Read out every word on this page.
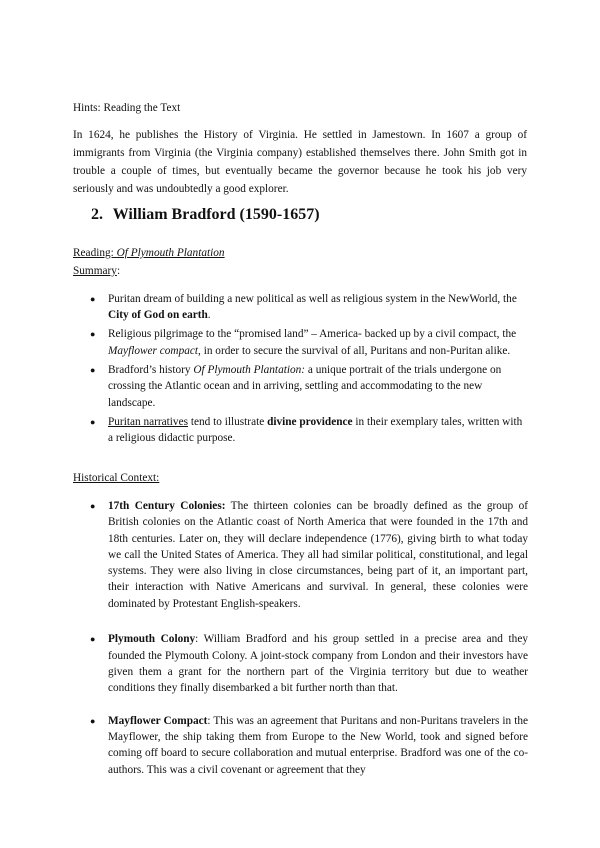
Hints: Reading the Text
In 1624, he publishes the History of Virginia. He settled in Jamestown. In 1607 a group of immigrants from Virginia (the Virginia company) established themselves there. John Smith got in trouble a couple of times, but eventually became the governor because he took his job very seriously and was undoubtedly a good explorer.
2. William Bradford (1590-1657)
Reading: Of Plymouth Plantation
Summary:
● Puritan dream of building a new political as well as religious system in the NewWorld, the City of God on earth.
● Religious pilgrimage to the “promised land” – America- backed up by a civil compact, the Mayflower compact, in order to secure the survival of all, Puritans and non-Puritan alike.
● Bradford’s history Of Plymouth Plantation: a unique portrait of the trials undergone on crossing the Atlantic ocean and in arriving, settling and accommodating to the new landscape.
● Puritan narratives tend to illustrate divine providence in their exemplary tales, written with a religious didactic purpose.
Historical Context:
● 17th Century Colonies: The thirteen colonies can be broadly defined as the group of British colonies on the Atlantic coast of North America that were founded in the 17th and 18th centuries. Later on, they will declare independence (1776), giving birth to what today we call the United States of America. They all had similar political, constitutional, and legal systems. They were also living in close circumstances, being part of it, an important part, their interaction with Native Americans and survival. In general, these colonies were dominated by Protestant English-speakers.
● Plymouth Colony: William Bradford and his group settled in a precise area and they founded the Plymouth Colony. A joint-stock company from London and their investors have given them a grant for the northern part of the Virginia territory but due to weather conditions they finally disembarked a bit further north than that.
● Mayflower Compact: This was an agreement that Puritans and non-Puritans travelers in the Mayflower, the ship taking them from Europe to the New World, took and signed before coming off board to secure collaboration and mutual enterprise. Bradford was one of the co- authors. This was a civil covenant or agreement that they
